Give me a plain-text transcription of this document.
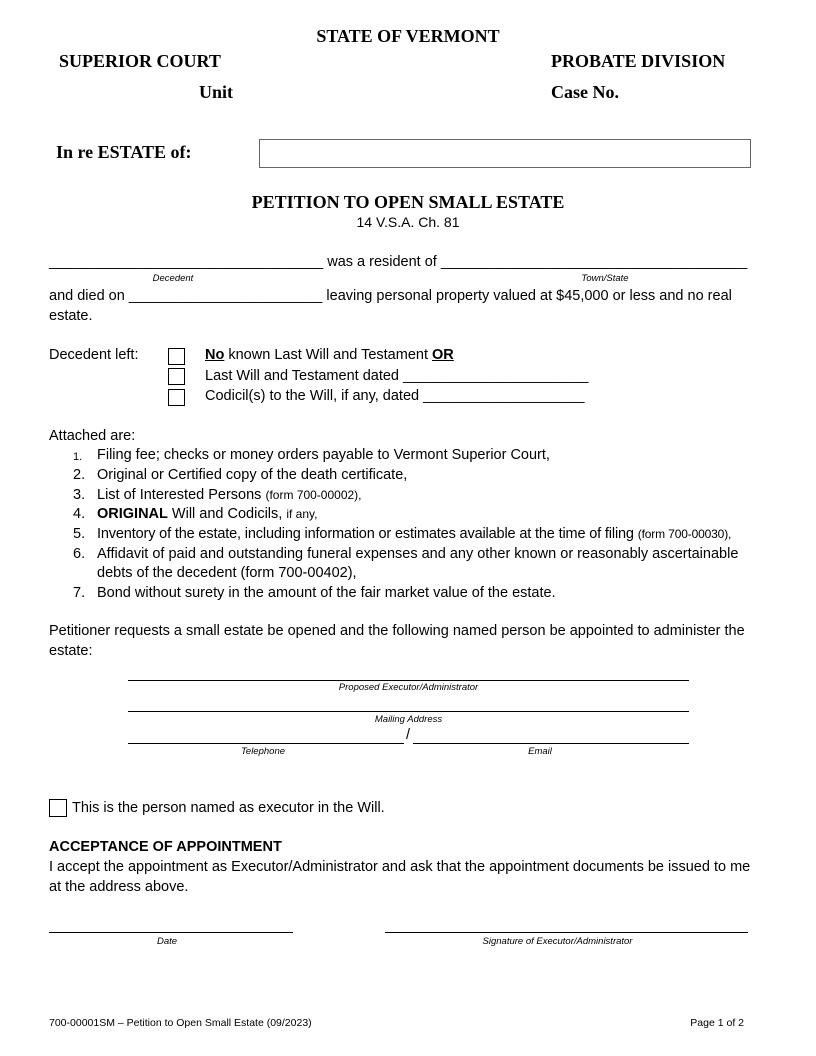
STATE OF VERMONT
SUPERIOR COURT	PROBATE DIVISION
Unit	Case No.
In re ESTATE of:
PETITION TO OPEN SMALL ESTATE
14 V.S.A. Ch. 81
__________________________________ was a resident of ______________________________________
Decedent	Town/State
and died on ________________________ leaving personal property valued at $45,000 or less and no real
estate.
Decedent left:	No known Last Will and Testament OR
Last Will and Testament dated _______________________
Codicil(s) to the Will, if any, dated ____________________
Attached are:
1. Filing fee; checks or money orders payable to Vermont Superior Court,
2. Original or Certified copy of the death certificate,
3. List of Interested Persons (form 700-00002),
4. ORIGINAL Will and Codicils, if any,
5. Inventory of the estate, including information or estimates available at the time of filing (form 700-00030),
6. Affidavit of paid and outstanding funeral expenses and any other known or reasonably ascertainable
debts of the decedent (form 700-00402),
7. Bond without surety in the amount of the fair market value of the estate.
Petitioner requests a small estate be opened and the following named person be appointed to administer the
estate:
Proposed Executor/Administrator
Mailing Address
/
Telephone	Email
This is the person named as executor in the Will.
ACCEPTANCE OF APPOINTMENT
I accept the appointment as Executor/Administrator and ask that the appointment documents be issued to me
at the address above.
Date	Signature of Executor/Administrator
700-00001SM – Petition to Open Small Estate (09/2023)	Page 1 of 2
